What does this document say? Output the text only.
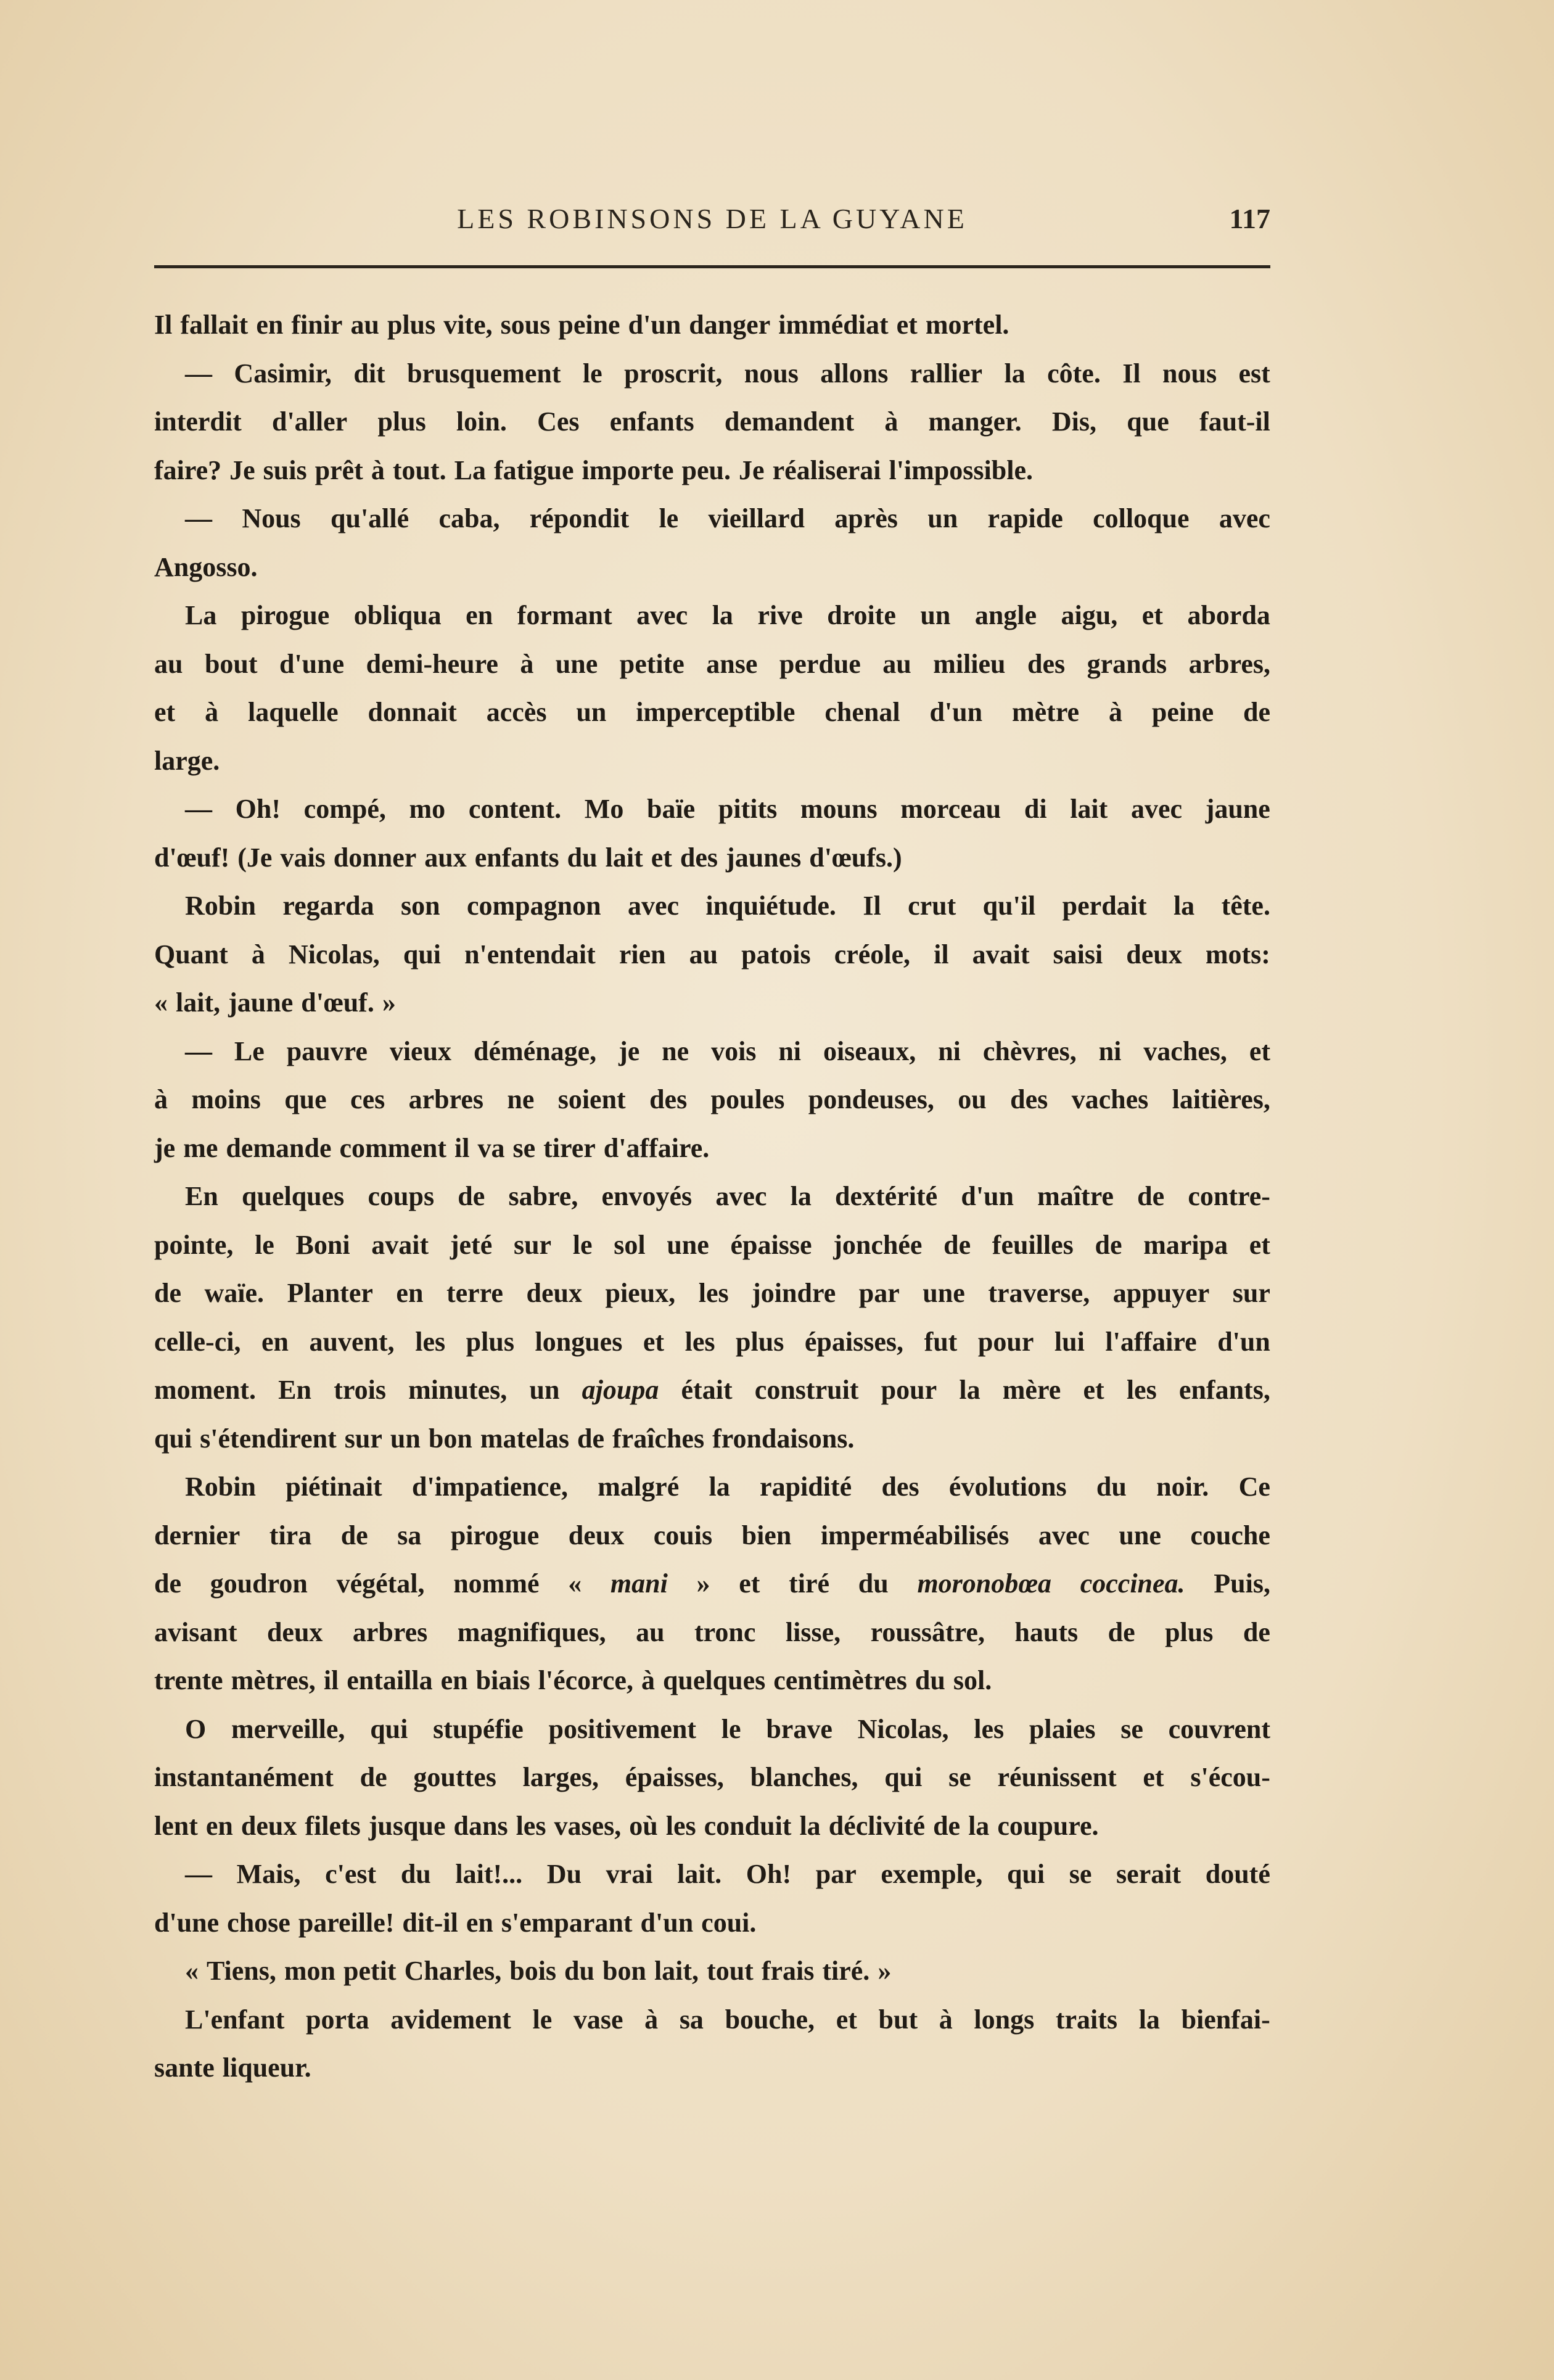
LES ROBINSONS DE LA GUYANE	117
Il fallait en finir au plus vite, sous peine d'un danger immédiat et mortel.
— Casimir, dit brusquement le proscrit, nous allons rallier la côte. Il nous est
interdit d'aller plus loin. Ces enfants demandent à manger. Dis, que faut-il
faire? Je suis prêt à tout. La fatigue importe peu. Je réaliserai l'impossible.
— Nous qu'allé caba, répondit le vieillard après un rapide colloque avec
Angosso.
La pirogue obliqua en formant avec la rive droite un angle aigu, et aborda
au bout d'une demi-heure à une petite anse perdue au milieu des grands arbres,
et à laquelle donnait accès un imperceptible chenal d'un mètre à peine de
large.
— Oh! compé, mo content. Mo baïe pitits mouns morceau di lait avec jaune
d'œuf! (Je vais donner aux enfants du lait et des jaunes d'œufs.)
Robin regarda son compagnon avec inquiétude. Il crut qu'il perdait la tête.
Quant à Nicolas, qui n'entendait rien au patois créole, il avait saisi deux mots:
« lait, jaune d'œuf. »
— Le pauvre vieux déménage, je ne vois ni oiseaux, ni chèvres, ni vaches, et
à moins que ces arbres ne soient des poules pondeuses, ou des vaches laitières,
je me demande comment il va se tirer d'affaire.
En quelques coups de sabre, envoyés avec la dextérité d'un maître de contre-
pointe, le Boni avait jeté sur le sol une épaisse jonchée de feuilles de maripa et
de waïe. Planter en terre deux pieux, les joindre par une traverse, appuyer sur
celle-ci, en auvent, les plus longues et les plus épaisses, fut pour lui l'affaire d'un
moment. En trois minutes, un ajoupa était construit pour la mère et les enfants,
qui s'étendirent sur un bon matelas de fraîches frondaisons.
Robin piétinait d'impatience, malgré la rapidité des évolutions du noir. Ce
dernier tira de sa pirogue deux couis bien imperméabilisés avec une couche
de goudron végétal, nommé « mani » et tiré du moronobœa coccinea. Puis,
avisant deux arbres magnifiques, au tronc lisse, roussâtre, hauts de plus de
trente mètres, il entailla en biais l'écorce, à quelques centimètres du sol.
O merveille, qui stupéfie positivement le brave Nicolas, les plaies se couvrent
instantanément de gouttes larges, épaisses, blanches, qui se réunissent et s'écou-
lent en deux filets jusque dans les vases, où les conduit la déclivité de la coupure.
— Mais, c'est du lait!... Du vrai lait. Oh! par exemple, qui se serait douté
d'une chose pareille! dit-il en s'emparant d'un coui.
« Tiens, mon petit Charles, bois du bon lait, tout frais tiré. »
L'enfant porta avidement le vase à sa bouche, et but à longs traits la bienfai-
sante liqueur.
